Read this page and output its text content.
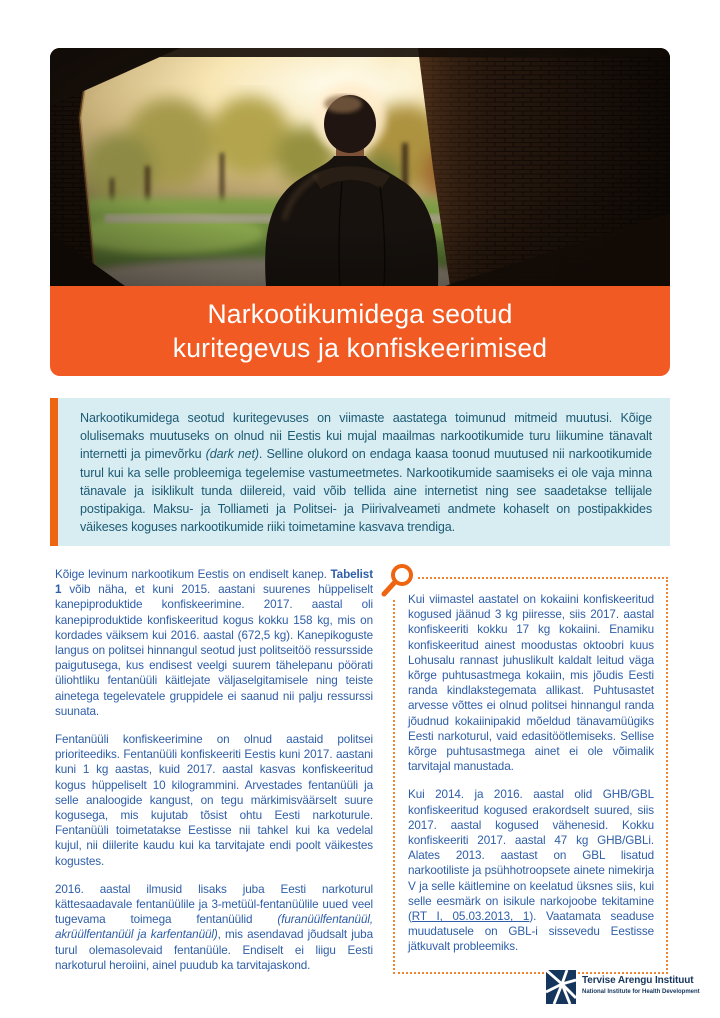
Narkootikumidega seotud
kuritegevus ja konfiskeerimised

Narkootikumidega seotud kuritegevuses on viimaste aastatega toimunud mitmeid muutusi. Kõige olulisemaks muutuseks on olnud nii Eestis kui mujal maailmas narkootikumide turu liikumine tänavalt internetti ja pimevõrku (dark net). Selline olukord on endaga kaasa toonud muutused nii narkootikumide turul kui ka selle probleemiga tegelemise vastumeetmetes. Narkootikumide saamiseks ei ole vaja minna tänavale ja isiklikult tunda diilereid, vaid võib tellida aine internetist ning see saadetakse tellijale postipakiga. Maksu- ja Tolliameti ja Politsei- ja Piirivalveameti andmete kohaselt on postipakkides väikeses koguses narkootikumide riiki toimetamine kasvava trendiga.

Kõige levinum narkootikum Eestis on endiselt kanep. Tabelist 1 võib näha, et kuni 2015. aastani suurenes hüppeliselt kanepiproduktide konfiskeerimine. 2017. aastal oli kanepiproduktide konfiskeeritud kogus kokku 158 kg, mis on kordades väiksem kui 2016. aastal (672,5 kg). Kanepikoguste langus on politsei hinnangul seotud just politseitöö ressursside paigutusega, kus endisest veelgi suurem tähelepanu pöörati üliohtliku fentanüüli käitlejate väljaselgitamisele ning teiste ainetega tegelevatele gruppidele ei saanud nii palju ressurssi suunata.

Fentanüüli konfiskeerimine on olnud aastaid politsei prioriteediks. Fentanüüli konfiskeeriti Eestis kuni 2017. aastani kuni 1 kg aastas, kuid 2017. aastal kasvas konfiskeeritud kogus hüppeliselt 10 kilogrammini. Arvestades fentanüüli ja selle analoogide kangust, on tegu märkimisväärselt suure kogusega, mis kujutab tõsist ohtu Eesti narkoturule. Fentanüüli toimetatakse Eestisse nii tahkel kui ka vedelal kujul, nii diilerite kaudu kui ka tarvitajate endi poolt väikestes kogustes.

2016. aastal ilmusid lisaks juba Eesti narkoturul kättesaadavale fentanüülile ja 3-metüül-fentanüülile uued veel tugevama toimega fentanüülid (furanüülfentanüül, akrüülfentanüül ja karfentanüül), mis asendavad jõudsalt juba turul olemasolevaid fentanüüle. Endiselt ei liigu Eesti narkoturul heroiini, ainel puudub ka tarvitajaskond.

Kui viimastel aastatel on kokaiini konfiskeeritud kogused jäänud 3 kg piiresse, siis 2017. aastal konfiskeeriti kokku 17 kg kokaiini. Enamiku konfiskeeritud ainest moodustas oktoobri kuus Lohusalu rannast juhuslikult kaldalt leitud väga kõrge puhtusastmega kokaiin, mis jõudis Eesti randa kindlakstegemata allikast. Puhtusastet arvesse võttes ei olnud politsei hinnangul randa jõudnud kokaiinipakid mõeldud tänavamüügiks Eesti narkoturul, vaid edasitöötlemiseks. Sellise kõrge puhtusastmega ainet ei ole võimalik tarvitajal manustada.

Kui 2014. ja 2016. aastal olid GHB/GBL konfiskeeritud kogused erakordselt suured, siis 2017. aastal kogused vähenesid. Kokku konfiskeeriti 2017. aastal 47 kg GHB/GBLi. Alates 2013. aastast on GBL lisatud narkootiliste ja psühhotroopsete ainete nimekirja V ja selle käitlemine on keelatud üksnes siis, kui selle eesmärk on isikule narkojoobe tekitamine (RT I, 05.03.2013, 1). Vaatamata seaduse muudatusele on GBL-i sissevedu Eestisse jätkuvalt probleemiks.

Tervise Arengu Instituut
National Institute for Health Development
